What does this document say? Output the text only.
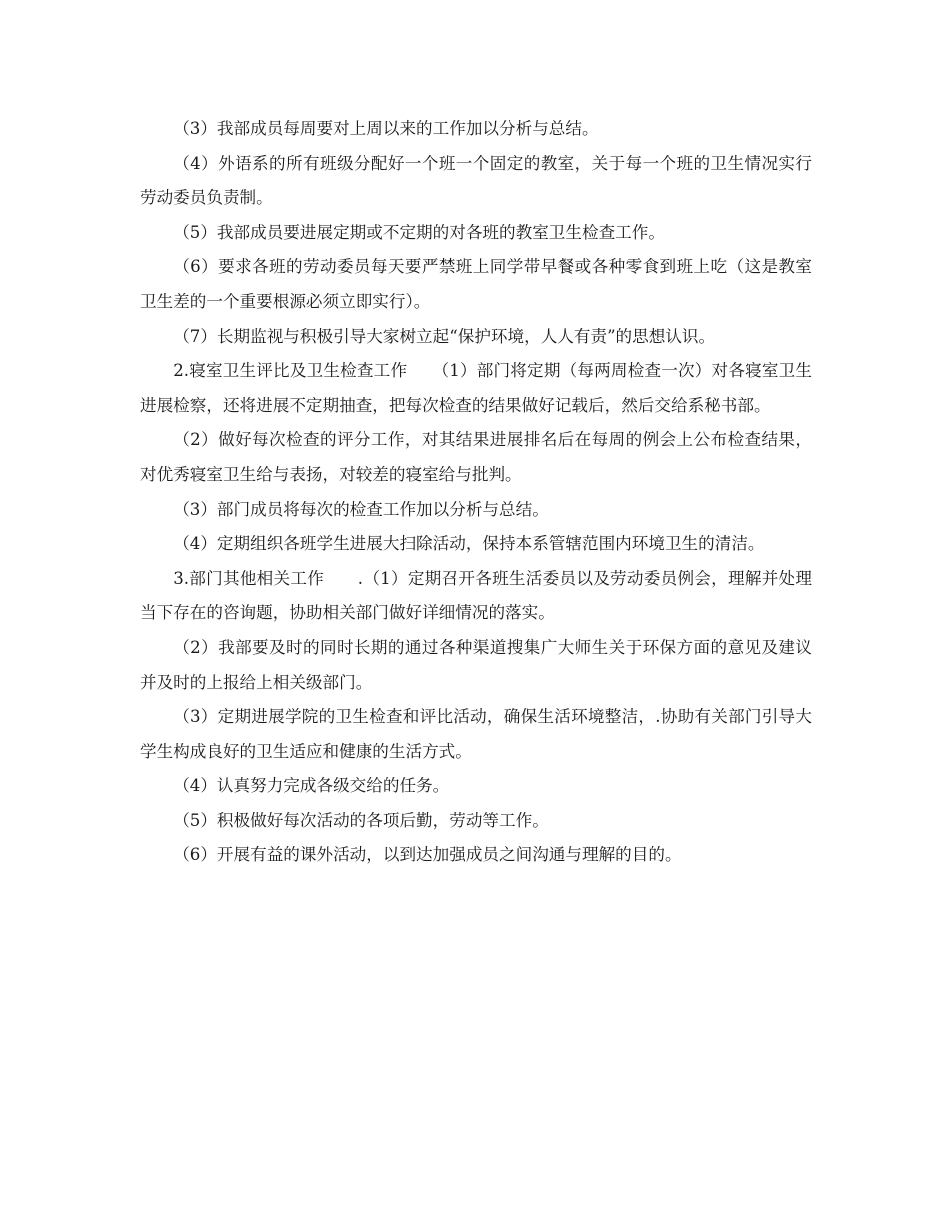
（3）我部成员每周要对上周以来的工作加以分析与总结。

（4）外语系的所有班级分配好一个班一个固定的教室，关于每一个班的卫生情况实行劳动委员负责制。

（5）我部成员要进展定期或不定期的对各班的教室卫生检查工作。

（6）要求各班的劳动委员每天要严禁班上同学带早餐或各种零食到班上吃（这是教室卫生差的一个重要根源必须立即实行）。

（7）长期监视与积极引导大家树立起“保护环境，人人有责”的思想认识。

2.寝室卫生评比及卫生检查工作　　（1）部门将定期（每两周检查一次）对各寝室卫生进展检察，还将进展不定期抽查，把每次检查的结果做好记载后，然后交给系秘书部。

（2）做好每次检查的评分工作，对其结果进展排名后在每周的例会上公布检查结果，对优秀寝室卫生给与表扬，对较差的寝室给与批判。

（3）部门成员将每次的检查工作加以分析与总结。

（4）定期组织各班学生进展大扫除活动，保持本系管辖范围内环境卫生的清洁。

3.部门其他相关工作　　.（1）定期召开各班生活委员以及劳动委员例会，理解并处理当下存在的咨询题，协助相关部门做好详细情况的落实。

（2）我部要及时的同时长期的通过各种渠道搜集广大师生关于环保方面的意见及建议并及时的上报给上相关级部门。

（3）定期进展学院的卫生检查和评比活动，确保生活环境整洁，.协助有关部门引导大学生构成良好的卫生适应和健康的生活方式。

（4）认真努力完成各级交给的任务。

（5）积极做好每次活动的各项后勤，劳动等工作。

（6）开展有益的课外活动，以到达加强成员之间沟通与理解的目的。
